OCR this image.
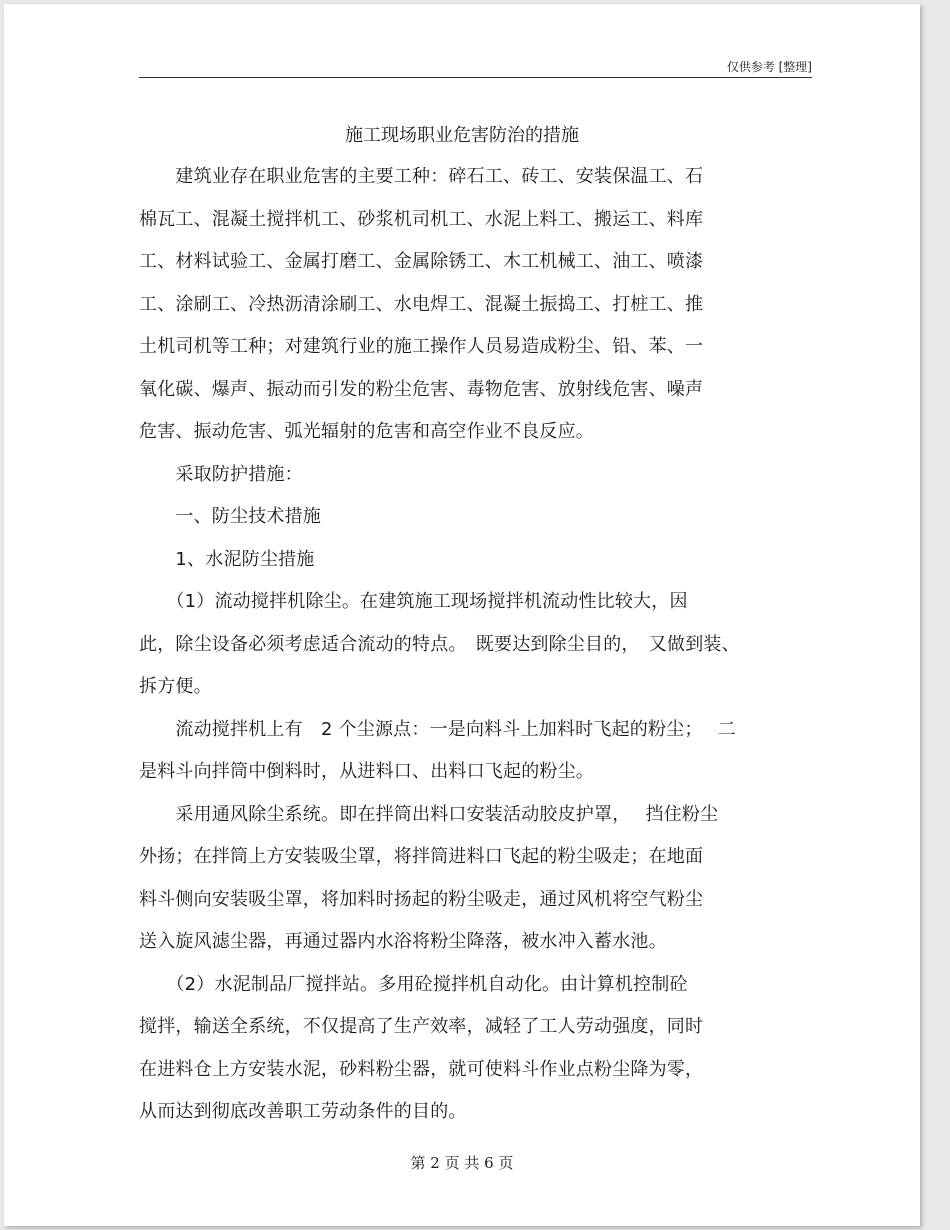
仅供参考 [整理]
施工现场职业危害防治的措施

　　建筑业存在职业危害的主要工种：碎石工、砖工、安装保温工、石

棉瓦工、混凝土搅拌机工、砂浆机司机工、水泥上料工、搬运工、料库

工、材料试验工、金属打磨工、金属除锈工、木工机械工、油工、喷漆

工、涂刷工、冷热沥清涂刷工、水电焊工、混凝土振捣工、打桩工、推

土机司机等工种；对建筑行业的施工操作人员易造成粉尘、铅、苯、一

氧化碳、爆声、振动而引发的粉尘危害、毒物危害、放射线危害、噪声

危害、振动危害、弧光辐射的危害和高空作业不良反应。

　　采取防护措施：

　　一、防尘技术措施

　　1、水泥防尘措施

　　（1）流动搅拌机除尘。在建筑施工现场搅拌机流动性比较大，因

此，除尘设备必须考虑适合流动的特点。　既要达到除尘目的，　又做到装、

拆方便。

　　流动搅拌机上有　2 个尘源点：一是向料斗上加料时飞起的粉尘；　 二

是料斗向拌筒中倒料时，从进料口、出料口飞起的粉尘。

　　采用通风除尘系统。即在拌筒出料口安装活动胶皮护罩，　 挡住粉尘

外扬；在拌筒上方安装吸尘罩，将拌筒进料口飞起的粉尘吸走；在地面

料斗侧向安装吸尘罩，将加料时扬起的粉尘吸走，通过风机将空气粉尘

送入旋风滤尘器，再通过器内水浴将粉尘降落，被水冲入蓄水池。

　　（2）水泥制品厂搅拌站。多用砼搅拌机自动化。由计算机控制砼

搅拌，输送全系统，不仅提高了生产效率，减轻了工人劳动强度，同时

在进料仓上方安装水泥，砂料粉尘器，就可使料斗作业点粉尘降为零，

从而达到彻底改善职工劳动条件的目的。

第 2 页 共 6 页
